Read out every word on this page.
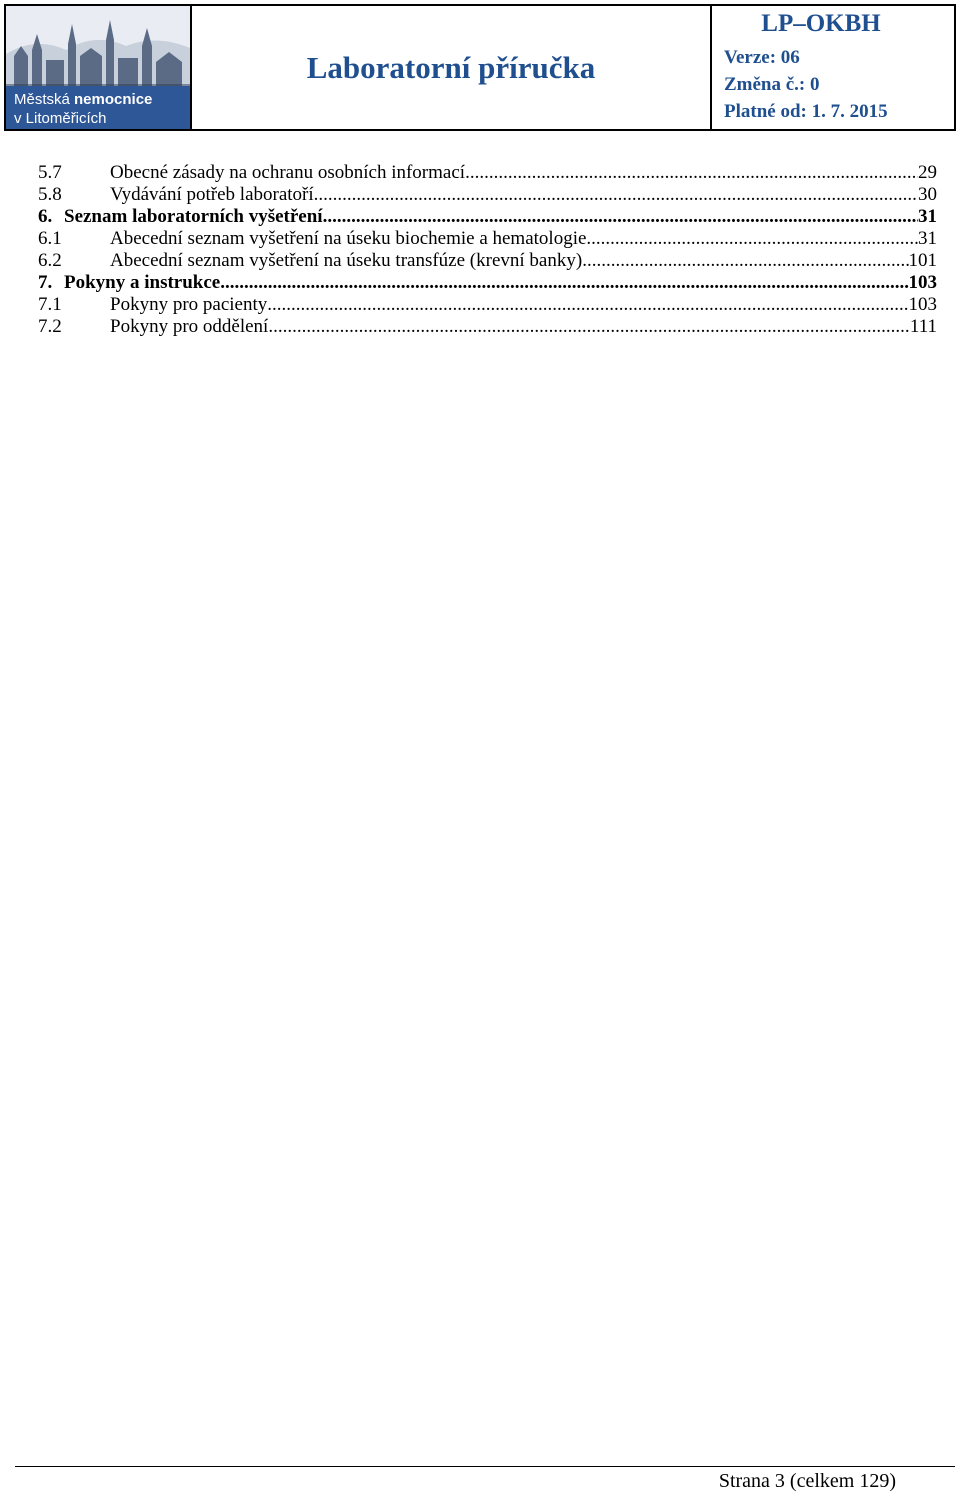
Městská nemocnice
v Litoměřicích
	Laboratorní příručka	
LP–OKBH
Verze: 06
Změna č.: 0
Platné od: 1. 7. 2015
5.7	Obecné zásady na ochranu osobních informací .....	29
5.8	Vydávání potřeb laboratoří .....	30
6. Seznam laboratorních vyšetření .....	31
6.1	Abecední seznam vyšetření na úseku biochemie a hematologie .....	31
6.2	Abecední seznam vyšetření na úseku transfúze (krevní banky) .....	101
7. Pokyny a instrukce .....	103
7.1	Pokyny pro pacienty .....	103
7.2	Pokyny pro oddělení .....	111
Strana 3 (celkem 129)
